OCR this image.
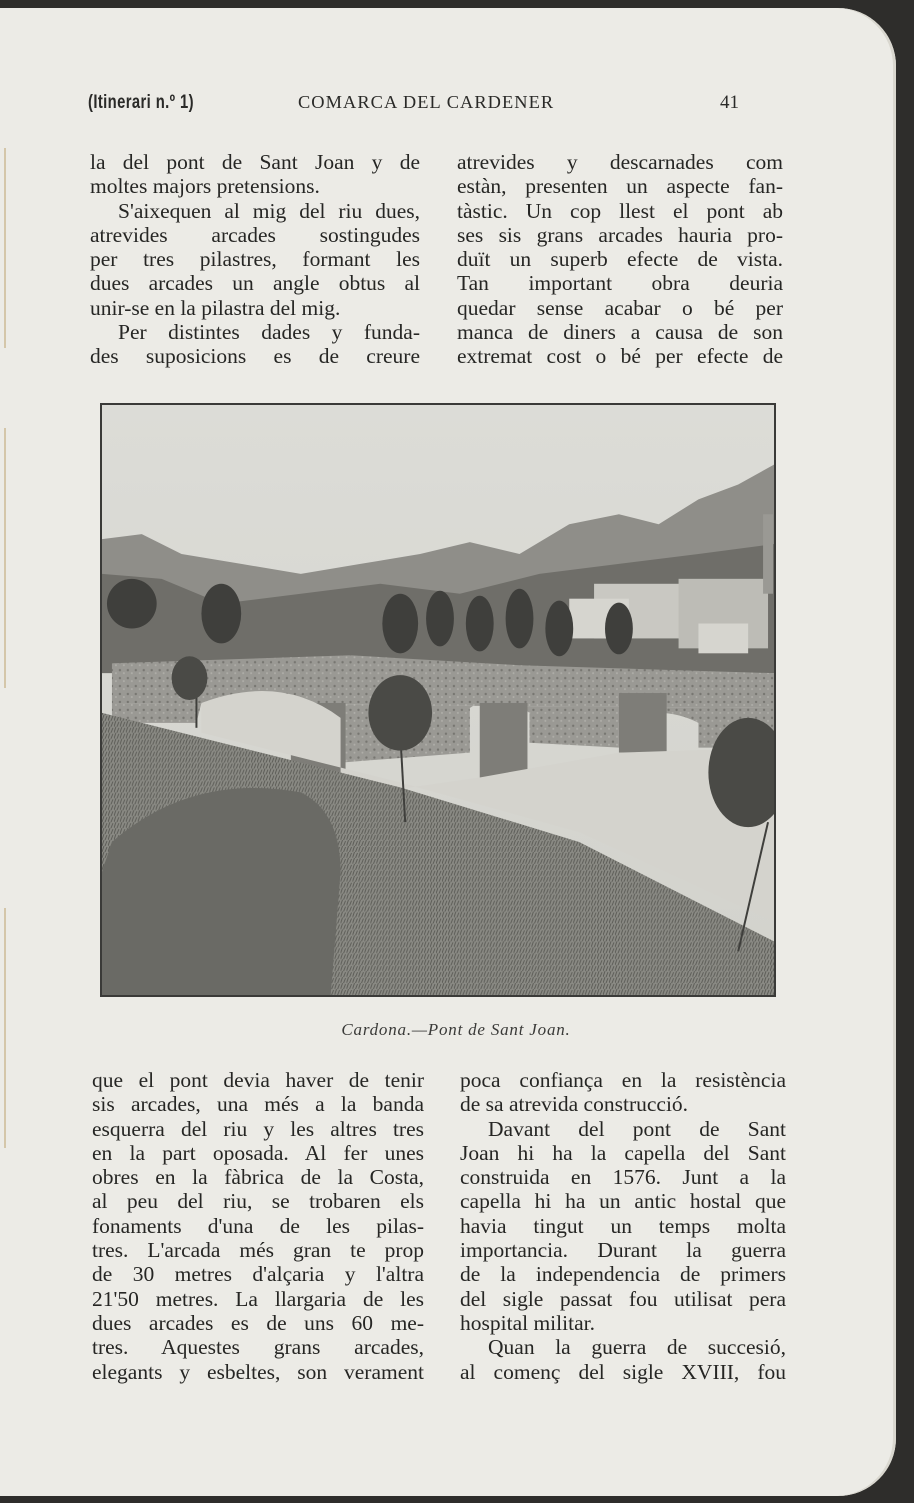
(Itinerari n.º 1)	COMARCA DEL CARDENER	41

la del pont de Sant Joan y de

moltes majors pretensions.

S'aixequen al mig del riu dues,

atrevides arcades sostingudes

per tres pilastres, formant les

dues arcades un angle obtus al

unir-se en la pilastra del mig.

Per distintes dades y funda-

des suposicions es de creure

atrevides y descarnades com

estàn, presenten un aspecte fan-

tàstic. Un cop llest el pont ab

ses sis grans arcades hauria pro-

duït un superb efecte de vista.

Tan important obra deuria

quedar sense acabar o bé per

manca de diners a causa de son

extremat cost o bé per efecte de

Cardona.—Pont de Sant Joan.

que el pont devia haver de tenir

sis arcades, una més a la banda

esquerra del riu y les altres tres

en la part oposada. Al fer unes

obres en la fàbrica de la Costa,

al peu del riu, se trobaren els

fonaments d'una de les pilas-

tres. L'arcada més gran te prop

de 30 metres d'alçaria y l'altra

21'50 metres. La llargaria de les

dues arcades es de uns 60 me-

tres. Aquestes grans arcades,

elegants y esbeltes, son verament

poca confiança en la resistència

de sa atrevida construcció.

Davant del pont de Sant

Joan hi ha la capella del Sant

construida en 1576. Junt a la

capella hi ha un antic hostal que

havia tingut un temps molta

importancia. Durant la guerra

de la independencia de primers

del sigle passat fou utilisat pera

hospital militar.

Quan la guerra de succesió,

al començ del sigle XVIII, fou
